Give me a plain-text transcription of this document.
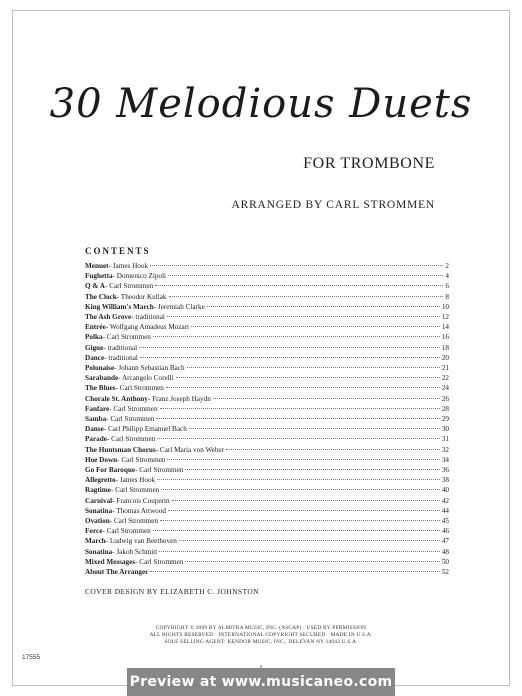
30 Melodious Duets
FOR TROMBONE
ARRANGED BY CARL STROMMEN
CONTENTS
Menuet - James Hook	2
Fughetta - Domenico Zipoli	4
Q & A - Carl Strommen	6
The Clock - Theodor Kullak	8
King William's March - Jeremiah Clarke	10
The Ash Grove - traditional	12
Entrée - Wolfgang Amadeus Mozart	14
Polka - Carl Strommen	16
Gigue - traditional	18
Dance - traditional	20
Polonaise - Johann Sebastian Bach	21
Sarabande - Arcangelo Corelli	22
The Blues - Carl Strommen	24
Chorale St. Anthony - Franz Joseph Haydn	26
Fanfare - Carl Strommen	28
Samba - Carl Strommen	29
Danse - Carl Philipp Emanuel Bach	30
Parade - Carl Strommen	31
The Huntsman Chorus - Carl Maria von Weber	32
Hoe Down - Carl Strommen	34
Go For Baroque - Carl Strommen	36
Allegretto - James Hook	38
Ragtime - Carl Strommen	40
Carnival - Francois Couperin	42
Sonatina - Thomas Attwood	44
Ovation - Carl Strommen	45
Force - Carl Strommen	46
March - Ludwig van Beethoven	47
Sonatina - Jakob Schmitt	48
Mixed Messages - Carl Strommen	50
About The Arranger	52
COVER DESIGN BY ELIZABETH C. JOHNSTON
COPYRIGHT © 2009 BY ALMITRA MUSIC, INC. (ASCAP) · USED BY PERMISSION
ALL RIGHTS RESERVED · INTERNATIONAL COPYRIGHT SECURED · MADE IN U.S.A.
SOLE SELLING AGENT: KENDOR MUSIC, INC., DELEVAN NY 14042 U.S.A.
17555
Preview at www.musicaneo.com
